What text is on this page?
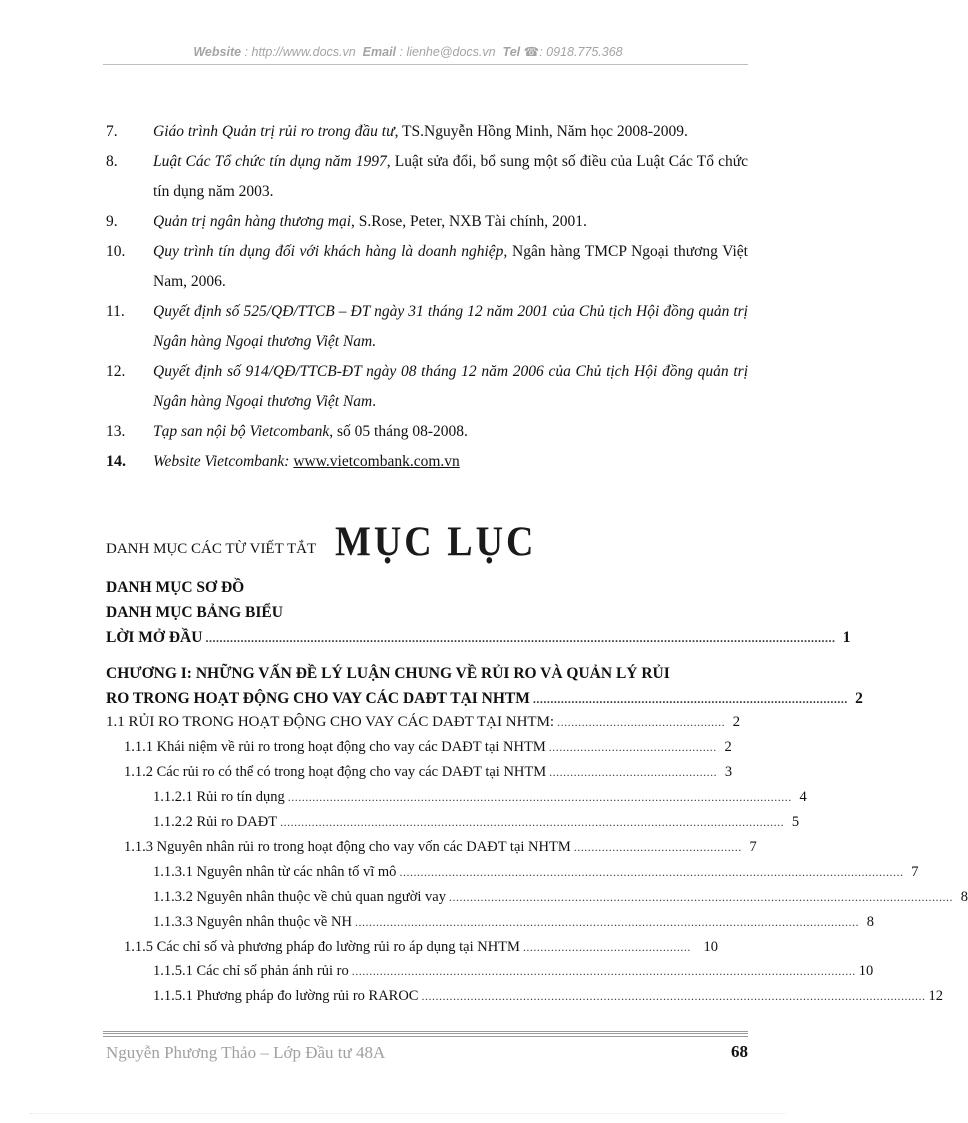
Website : http://www.docs.vn Email : lienhe@docs.vn Tel ☎: 0918.775.368
7. Giáo trình Quản trị rủi ro trong đầu tư, TS.Nguyễn Hồng Minh, Năm học 2008-2009.
8. Luật Các Tổ chức tín dụng năm 1997, Luật sửa đổi, bổ sung một số điều của Luật Các Tổ chức tín dụng năm 2003.
9. Quản trị ngân hàng thương mại, S.Rose, Peter, NXB Tài chính, 2001.
10. Quy trình tín dụng đối với khách hàng là doanh nghiệp, Ngân hàng TMCP Ngoại thương Việt Nam, 2006.
11. Quyết định số 525/QĐ/TTCB – ĐT ngày 31 tháng 12 năm 2001 của Chủ tịch Hội đồng quản trị Ngân hàng Ngoại thương Việt Nam.
12. Quyết định số 914/QĐ/TTCB-ĐT ngày 08 tháng 12 năm 2006 của Chủ tịch Hội đồng quản trị Ngân hàng Ngoại thương Việt Nam.
13. Tạp san nội bộ Vietcombank, số 05 tháng 08-2008.
14. Website Vietcombank: www.vietcombank.com.vn
MỤC LỤC
DANH MỤC CÁC TỪ VIẾT TẮT
DANH MỤC SƠ ĐỒ
DANH MỤC BẢNG BIỂU
LỜI MỞ ĐẦU .................................................................................................................................................................................... 1
CHƯƠNG I: NHỮNG VẤN ĐỀ LÝ LUẬN CHUNG VỀ RỦI RO VÀ QUẢN LÝ RỦI
RO TRONG HOẠT ĐỘNG CHO VAY CÁC DAĐT TẠI NHTM .......................................................................................... 2
1.1 RỦI RO TRONG HOẠT ĐỘNG CHO VAY CÁC DAĐT TẠI NHTM: ................................................ 2
1.1.1 Khái niệm về rủi ro trong hoạt động cho vay các DAĐT tại NHTM ................................................ 2
1.1.2 Các rủi ro có thể có trong hoạt động cho vay các DAĐT tại NHTM ................................................ 3
1.1.2.1 Rủi ro tín dụng ................................................................................................................................................ 4
1.1.2.2 Rủi ro DAĐT ................................................................................................................................................ 5
1.1.3 Nguyên nhân rủi ro trong hoạt động cho vay vốn các DAĐT tại NHTM ................................................ 7
1.1.3.1 Nguyên nhân từ các nhân tố vĩ mô ................................................................................................................................................ 7
1.1.3.2 Nguyên nhân thuộc về chủ quan người vay ................................................................................................................................................ 8
1.1.3.3 Nguyên nhân thuộc về NH ................................................................................................................................................ 8
1.1.5 Các chỉ số và phương pháp đo lường rủi ro áp dụng tại NHTM ................................................ 10
1.1.5.1 Các chỉ số phản ánh rủi ro ................................................................................................................................................ 10
1.1.5.1 Phương pháp đo lường rủi ro RAROC ................................................................................................................................................ 12
Nguyễn Phương Thảo – Lớp Đầu tư 48A	68
